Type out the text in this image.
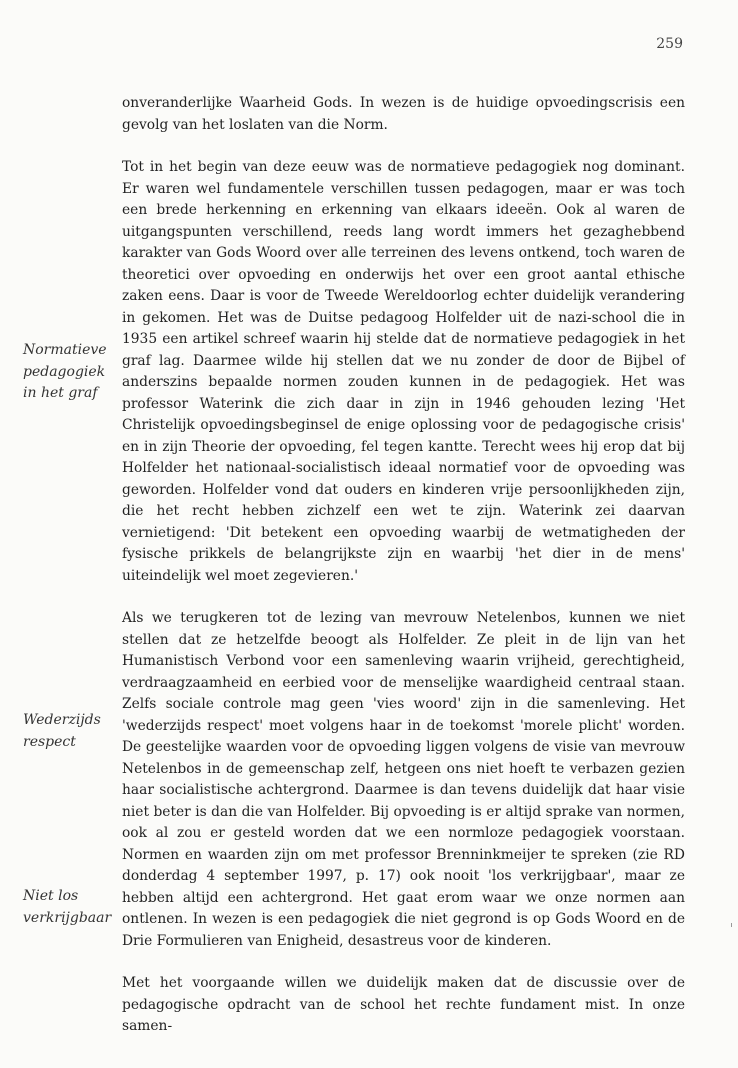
259
Normatieve
pedagogiek
in het graf
Wederzijds
respect
Niet los
verkrijgbaar

onveranderlijke Waarheid Gods. In wezen is de huidige opvoedingscrisis een gevolg van het loslaten van die Norm.

Tot in het begin van deze eeuw was de normatieve pedagogiek nog dominant. Er waren wel fundamentele verschillen tussen pedagogen, maar er was toch een brede herkenning en erkenning van elkaars ideeën. Ook al waren de uitgangspunten verschillend, reeds lang wordt immers het gezaghebbend karakter van Gods Woord over alle terreinen des levens ontkend, toch waren de theoretici over opvoeding en onderwijs het over een groot aantal ethische zaken eens. Daar is voor de Tweede Wereldoorlog echter duidelijk verandering in gekomen. Het was de Duitse pedagoog Holfelder uit de nazi-school die in 1935 een artikel schreef waarin hij stelde dat de normatieve pedagogiek in het graf lag. Daarmee wilde hij stellen dat we nu zonder de door de Bijbel of anderszins bepaalde normen zouden kunnen in de pedagogiek. Het was professor Waterink die zich daar in zijn in 1946 gehouden lezing 'Het Christelijk opvoedingsbeginsel de enige oplossing voor de pedagogische crisis' en in zijn Theorie der opvoeding, fel tegen kantte. Terecht wees hij erop dat bij Holfelder het nationaal-socialistisch ideaal normatief voor de opvoeding was geworden. Holfelder vond dat ouders en kinderen vrije persoonlijkheden zijn, die het recht hebben zichzelf een wet te zijn. Waterink zei daarvan vernietigend: 'Dit betekent een opvoeding waarbij de wetmatigheden der fysische prikkels de belangrijkste zijn en waarbij 'het dier in de mens' uiteindelijk wel moet zegevieren.'

Als we terugkeren tot de lezing van mevrouw Netelenbos, kunnen we niet stellen dat ze hetzelfde beoogt als Holfelder. Ze pleit in de lijn van het Humanistisch Verbond voor een samenleving waarin vrijheid, gerechtigheid, verdraagzaamheid en eerbied voor de menselijke waardigheid centraal staan. Zelfs sociale controle mag geen 'vies woord' zijn in die samenleving. Het 'wederzijds respect' moet volgens haar in de toekomst 'morele plicht' worden. De geestelijke waarden voor de opvoeding liggen volgens de visie van mevrouw Netelenbos in de gemeenschap zelf, hetgeen ons niet hoeft te verbazen gezien haar socialistische achtergrond. Daarmee is dan tevens duidelijk dat haar visie niet beter is dan die van Holfelder. Bij opvoeding is er altijd sprake van normen, ook al zou er gesteld worden dat we een normloze pedagogiek voorstaan. Normen en waarden zijn om met professor Brenninkmeijer te spreken (zie RD donderdag 4 september 1997, p. 17) ook nooit 'los verkrijgbaar', maar ze hebben altijd een achtergrond. Het gaat erom waar we onze normen aan ontlenen. In wezen is een pedagogiek die niet gegrond is op Gods Woord en de Drie Formulieren van Enigheid, desastreus voor de kinderen.

Met het voorgaande willen we duidelijk maken dat de discussie over de pedagogische opdracht van de school het rechte fundament mist. In onze samen-
